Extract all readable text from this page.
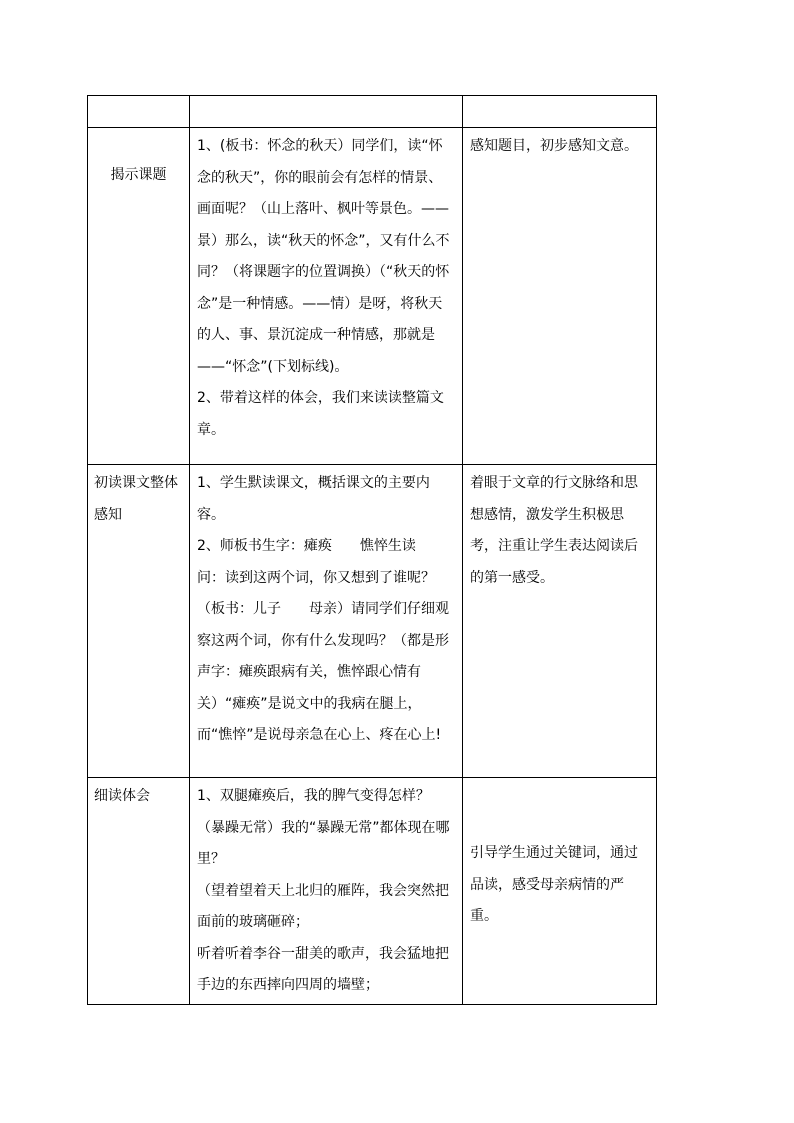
揭示课题	1、(板书：怀念的秋天）同学们，读“怀念的秋天”，你的眼前会有怎样的情景、画面呢？（山上落叶、枫叶等景色。——景）那么，读“秋天的怀念”，又有什么不同？（将课题字的位置调换）（“秋天的怀念”是一种情感。——情）是呀，将秋天的人、事、景沉淀成一种情感，那就是——“怀念”(下划标线)。

2、带着这样的体会，我们来读读整篇文章。	感知题目，初步感知文意。

初读课文整体感知	1、学生默读课文，概括课文的主要内容。

2、师板书生字：瘫痪　　憔悴生读　　问：读到这两个词，你又想到了谁呢？（板书：儿子　　母亲）请同学们仔细观察这两个词，你有什么发现吗？（都是形声字：瘫痪跟病有关，憔悴跟心情有关）“瘫痪”是说文中的我病在腿上，而“憔悴”是说母亲急在心上、疼在心上!	着眼于文章的行文脉络和思想感情，激发学生积极思考，注重让学生表达阅读后的第一感受。

细读体会	1、双腿瘫痪后，我的脾气变得怎样？（暴躁无常）我的“暴躁无常”都体现在哪里？

（望着望着天上北归的雁阵，我会突然把面前的玻璃砸碎；

听着听着李谷一甜美的歌声，我会猛地把手边的东西摔向四周的墙壁；	引导学生通过关键词，通过品读，感受母亲病情的严重。
